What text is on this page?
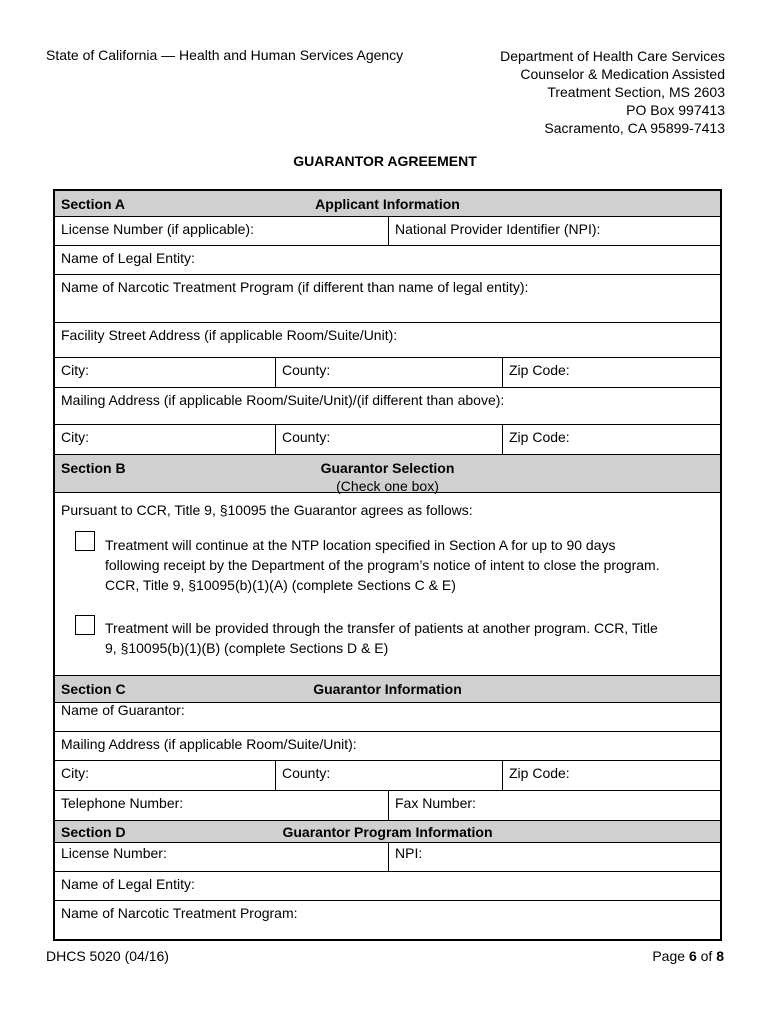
State of California — Health and Human Services Agency	Department of Health Care Services
Counselor & Medication Assisted
Treatment Section, MS 2603
PO Box 997413
Sacramento, CA 95899-7413
GUARANTOR AGREEMENT
Section A	Applicant Information
License Number (if applicable):	National Provider Identifier (NPI):
Name of Legal Entity:
Name of Narcotic Treatment Program (if different than name of legal entity):
Facility Street Address (if applicable Room/Suite/Unit):
City:	County:	Zip Code:
Mailing Address (if applicable Room/Suite/Unit)/(if different than above):
City:	County:	Zip Code:
Section B	Guarantor Selection
(Check one box)
Pursuant to CCR, Title 9, §10095 the Guarantor agrees as follows:
Treatment will continue at the NTP location specified in Section A for up to 90 days
following receipt by the Department of the program’s notice of intent to close the program.
CCR, Title 9, §10095(b)(1)(A) (complete Sections C & E)
Treatment will be provided through the transfer of patients at another program. CCR, Title
9, §10095(b)(1)(B) (complete Sections D & E)
Section C	Guarantor Information
Name of Guarantor:
Mailing Address (if applicable Room/Suite/Unit):
City:	County:	Zip Code:
Telephone Number:	Fax Number:
Section D	Guarantor Program Information
License Number:	NPI:
Name of Legal Entity:
Name of Narcotic Treatment Program:
DHCS 5020 (04/16)	Page 6 of 8
